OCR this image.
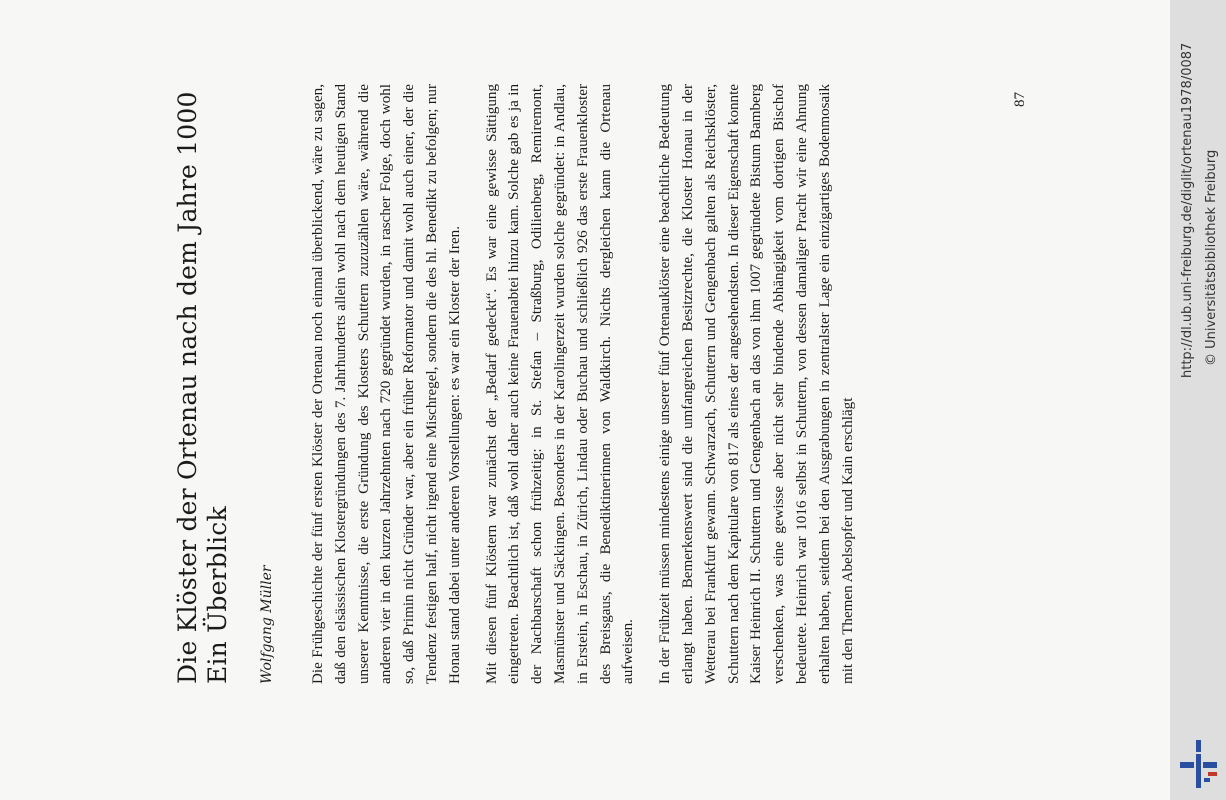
Die Klöster der Ortenau nach dem Jahre 1000
Ein Überblick Wolfgang Müller Die Frühgeschichte der fünf ersten Klöster der Ortenau noch einmal überblickend, wäre zu sagen, daß den elsässischen Klostergründungen des 7. Jahrhunderts allein wohl nach dem heutigen Stand unserer Kenntnisse, die erste Gründung des Klosters Schuttern zuzuzählen wäre, während die anderen vier in den kurzen Jahrzehnten nach 720 gegründet wurden, in rascher Folge, doch wohl so, daß Primin nicht Gründer war, aber ein früher Reformator und damit wohl auch einer, der die Tendenz festigen half, nicht irgend eine Mischregel, sondern die des hl. Benedikt zu befolgen; nur Honau stand dabei unter anderen Vorstellungen: es war ein Kloster der Iren. Mit diesen fünf Klöstern war zunächst der „Bedarf gedeckt“. Es war eine gewisse Sättigung eingetreten. Beachtlich ist, daß wohl daher auch keine Frauenabtei hinzu kam. Solche gab es ja in der Nachbarschaft schon frühzeitig: in St. Stefan – Straßburg, Odilienberg, Remiremont, Masmünster und Säckingen. Besonders in der Karolingerzeit wurden solche gegründet: in Andlau, in Erstein, in Eschau, in Zürich, Lindau oder Buchau und schließlich 926 das erste Frauenkloster des Breisgaus, die Benediktinerinnen von Waldkirch. Nichts dergleichen kann die Ortenau aufweisen. In der Frühzeit müssen mindestens einige unserer fünf Ortenauklöster eine beachtliche Bedeutung erlangt haben. Bemerkenswert sind die umfangreichen Besitzrechte, die Kloster Honau in der Wetterau bei Frankfurt gewann. Schwarzach, Schuttern und Gengenbach galten als Reichsklöster, Schuttern nach dem Kapitulare von 817 als eines der angesehendsten. In dieser Eigenschaft konnte Kaiser Heinrich II. Schuttern und Gengenbach an das von ihm 1007 gegründete Bistum Bamberg verschenken, was eine gewisse aber nicht sehr bindende Abhängigkeit vom dortigen Bischof bedeutete. Heinrich war 1016 selbst in Schuttern, von dessen damaliger Pracht wir eine Ahnung erhalten haben, seitdem bei den Ausgrabungen in zentralster Lage ein einzigartiges Bodenmosaik mit den Themen Abelsopfer und Kain erschlägt

87	http://dl.ub.uni-freiburg.de/diglit/ortenau1978/0087 © Universitätsbibliothek Freiburg
